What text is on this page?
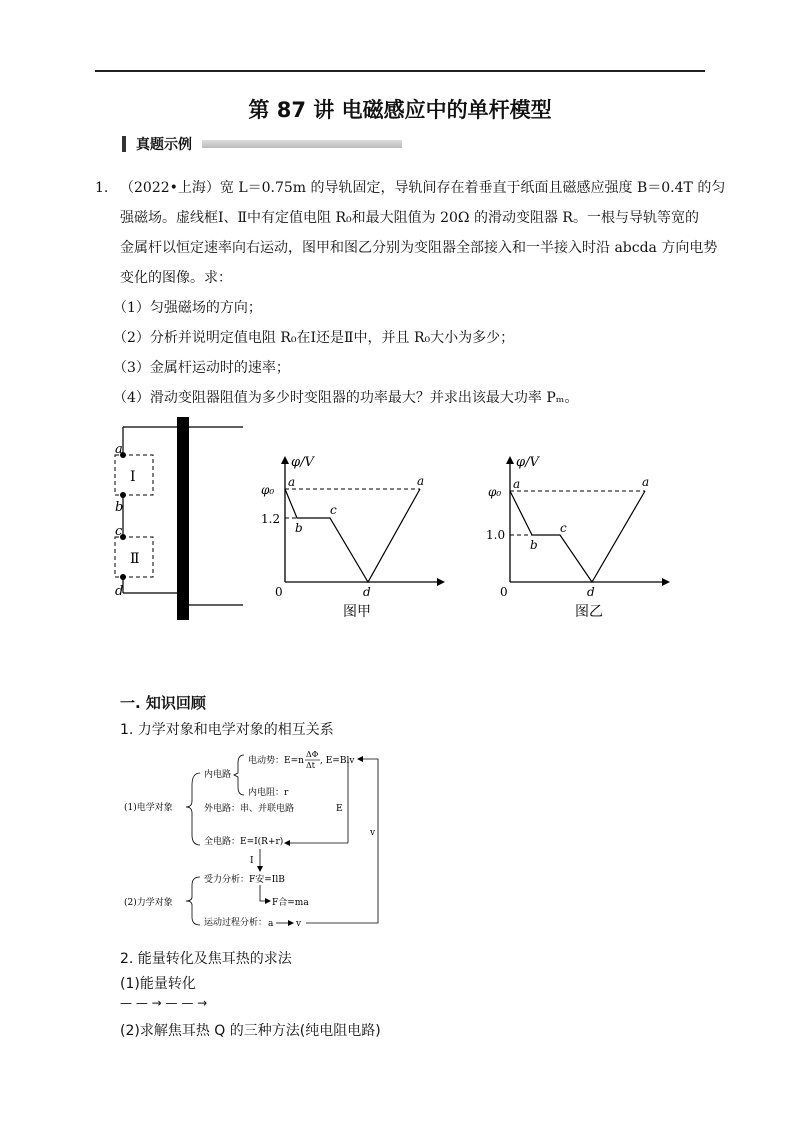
第 87 讲 电磁感应中的单杆模型
真题示例
1. （2022•上海）宽 L＝0.75m 的导轨固定，导轨间存在着垂直于纸面且磁感应强度 B＝0.4T 的匀
强磁场。虚线框Ⅰ、Ⅱ中有定值电阻 R₀和最大阻值为 20Ω 的滑动变阻器 R。一根与导轨等宽的
金属杆以恒定速率向右运动，图甲和图乙分别为变阻器全部接入和一半接入时沿 abcda 方向电势
变化的图像。求：
（1）匀强磁场的方向；
（2）分析并说明定值电阻 R₀在Ⅰ还是Ⅱ中，并且 R₀大小为多少；
（3）金属杆运动时的速率；
（4）滑动变阻器阻值为多少时变阻器的功率最大？并求出该最大功率 Pₘ。
a
b
c
d
Ⅰ
Ⅱ
φ/V
φ₀
1.2
0
a
b
c
d
a
图甲
φ/V
φ₀
1.0
0
a
b
c
d
a
图乙
一. 知识回顾
1. 力学对象和电学对象的相互关系
(1)电学对象
内电路
电动势：E=n
ΔΦ
Δt , E=Blv
内电阻：r
外电路：串、并联电路	E
全电路：E=I(R+r)
I
v
(2)力学对象
受力分析：F安=IlB
F合=ma
运动过程分析： a	v
2. 能量转化及焦耳热的求法
(1)能量转化
— — → — — →
(2)求解焦耳热 Q 的三种方法(纯电阻电路)
